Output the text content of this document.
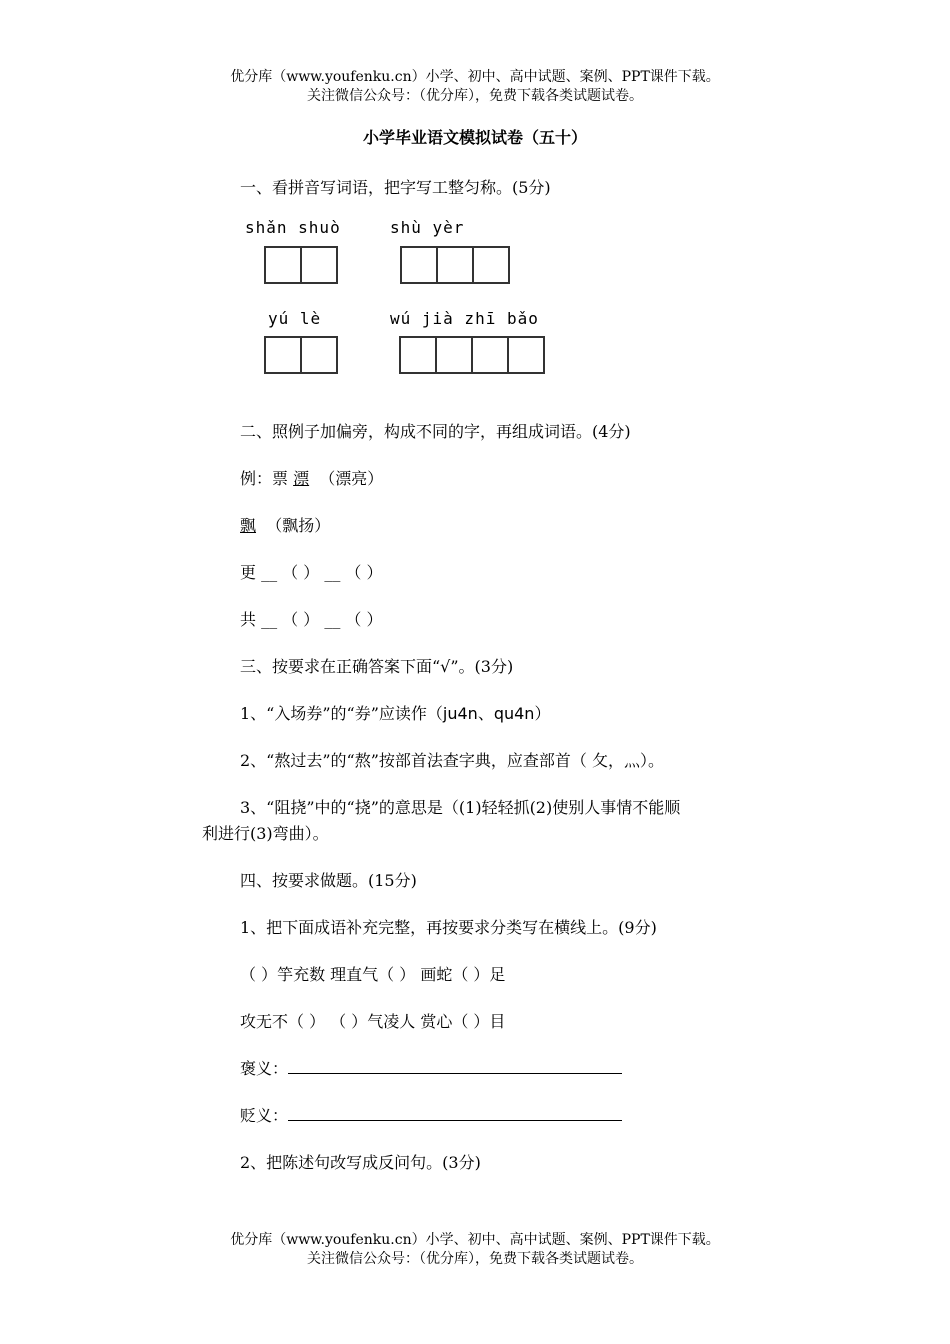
优分库（www.youfenku.cn）小学、初中、高中试题、案例、PPT课件下载。
关注微信公众号：（优分库），免费下载各类试题试卷。
小学毕业语文模拟试卷（五十）
一、看拼音写词语，把字写工整匀称。(5分)
shǎn shuò	shù yèr
yú lè	wú jià zhī bǎo
二、照例子加偏旁，构成不同的字，再组成词语。(4分)
例：票 漂 （漂亮）
飘 （飘扬）
更 __ （ ） __ （ ）
共 __ （ ） __ （ ）
三、按要求在正确答案下面“√”。(3分)
1、“入场券”的“券”应读作（ju4n、qu4n）
2、“熬过去”的“熬”按部首法查字典，应查部首（ 攵，灬）。
3、“阻挠”中的“挠”的意思是（(1)轻轻抓(2)使别人事情不能顺
利进行(3)弯曲）。
四、按要求做题。(15分)
1、把下面成语补充完整，再按要求分类写在横线上。(9分)
（ ）竽充数 理直气（ ） 画蛇（ ）足
攻无不（ ） （ ）气凌人 赏心（ ）目
褒义：
贬义：
2、把陈述句改写成反问句。(3分)
优分库（www.youfenku.cn）小学、初中、高中试题、案例、PPT课件下载。
关注微信公众号：（优分库），免费下载各类试题试卷。
